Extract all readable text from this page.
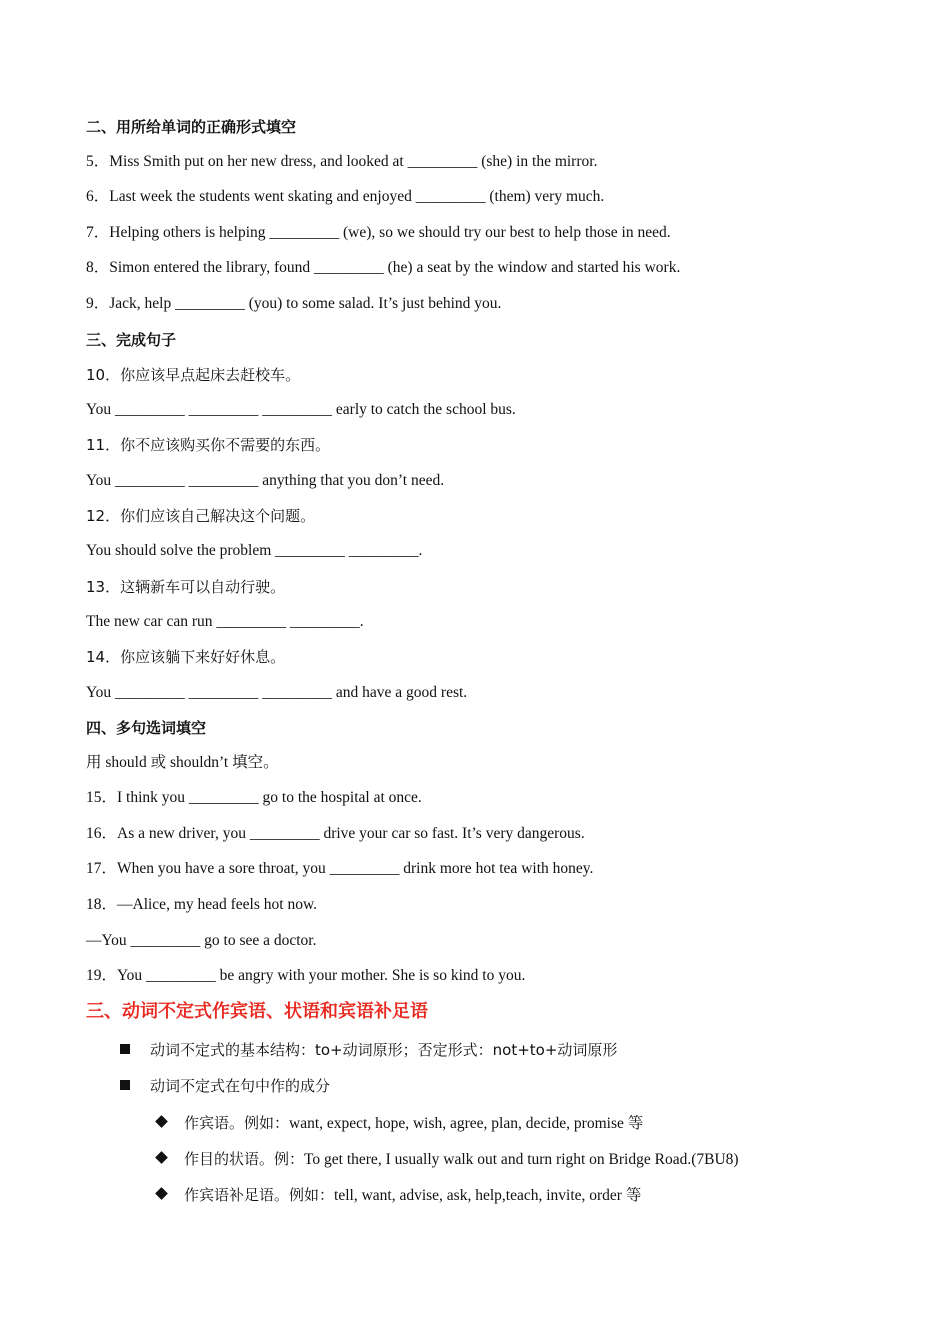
二、用所给单词的正确形式填空
5．Miss Smith put on her new dress, and looked at _________ (she) in the mirror.
6．Last week the students went skating and enjoyed _________ (them) very much.
7．Helping others is helping _________ (we), so we should try our best to help those in need.
8．Simon entered the library, found _________ (he) a seat by the window and started his work.
9．Jack, help _________ (you) to some salad. It’s just behind you.
三、完成句子
10．你应该早点起床去赶校车。
You _________ _________ _________ early to catch the school bus.
11．你不应该购买你不需要的东西。
You _________ _________ anything that you don’t need.
12．你们应该自己解决这个问题。
You should solve the problem _________ _________.
13．这辆新车可以自动行驶。
The new car can run _________ _________.
14．你应该躺下来好好休息。
You _________ _________ _________ and have a good rest.
四、多句选词填空
用 should 或 shouldn’t 填空。
15．I think you _________ go to the hospital at once.
16．As a new driver, you _________ drive your car so fast. It’s very dangerous.
17．When you have a sore throat, you _________ drink more hot tea with honey.
18．—Alice, my head feels hot now.
—You _________ go to see a doctor.
19．You _________ be angry with your mother. She is so kind to you.
三、动词不定式作宾语、状语和宾语补足语
动词不定式的基本结构：to+动词原形；否定形式：not+to+动词原形
动词不定式在句中作的成分
作宾语。例如：want, expect, hope, wish, agree, plan, decide, promise 等
作目的状语。例：To get there, I usually walk out and turn right on Bridge Road.(7BU8)
作宾语补足语。例如：tell, want, advise, ask, help,teach, invite, order 等
